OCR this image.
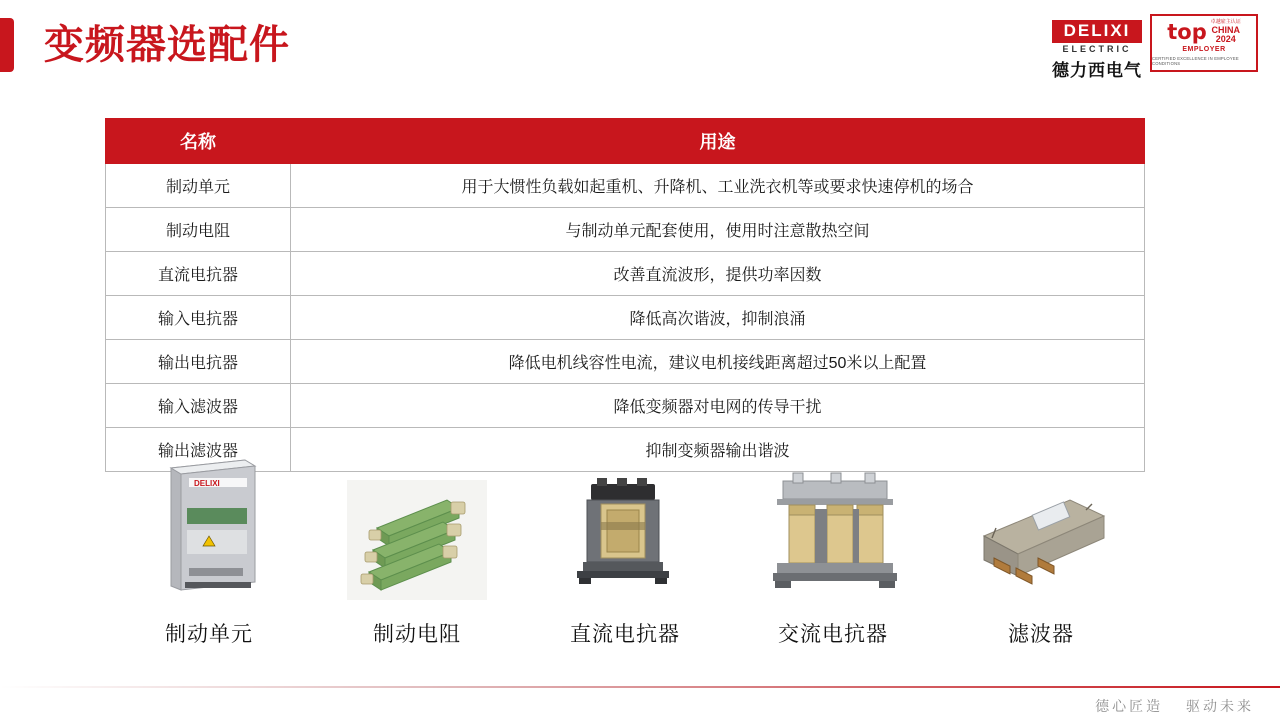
变频器选配件	DELIXI
ELECTRIC
德力西电气
top 卓越雇主认证
CHINA
2024
EMPLOYER
CERTIFIED EXCELLENCE IN EMPLOYEE CONDITIONS
名称	用途
制动单元	用于大惯性负载如起重机、升降机、工业洗衣机等或要求快速停机的场合
制动电阻	与制动单元配套使用，使用时注意散热空间
直流电抗器	改善直流波形，提供功率因数
输入电抗器	降低高次谐波，抑制浪涌
输出电抗器	降低电机线容性电流，建议电机接线距离超过50米以上配置
输入滤波器	降低变频器对电网的传导干扰
输出滤波器	抑制变频器输出谐波
DELIXI
制动单元	制动电阻	直流电抗器	交流电抗器	滤波器
德心匠造 驱动未来
